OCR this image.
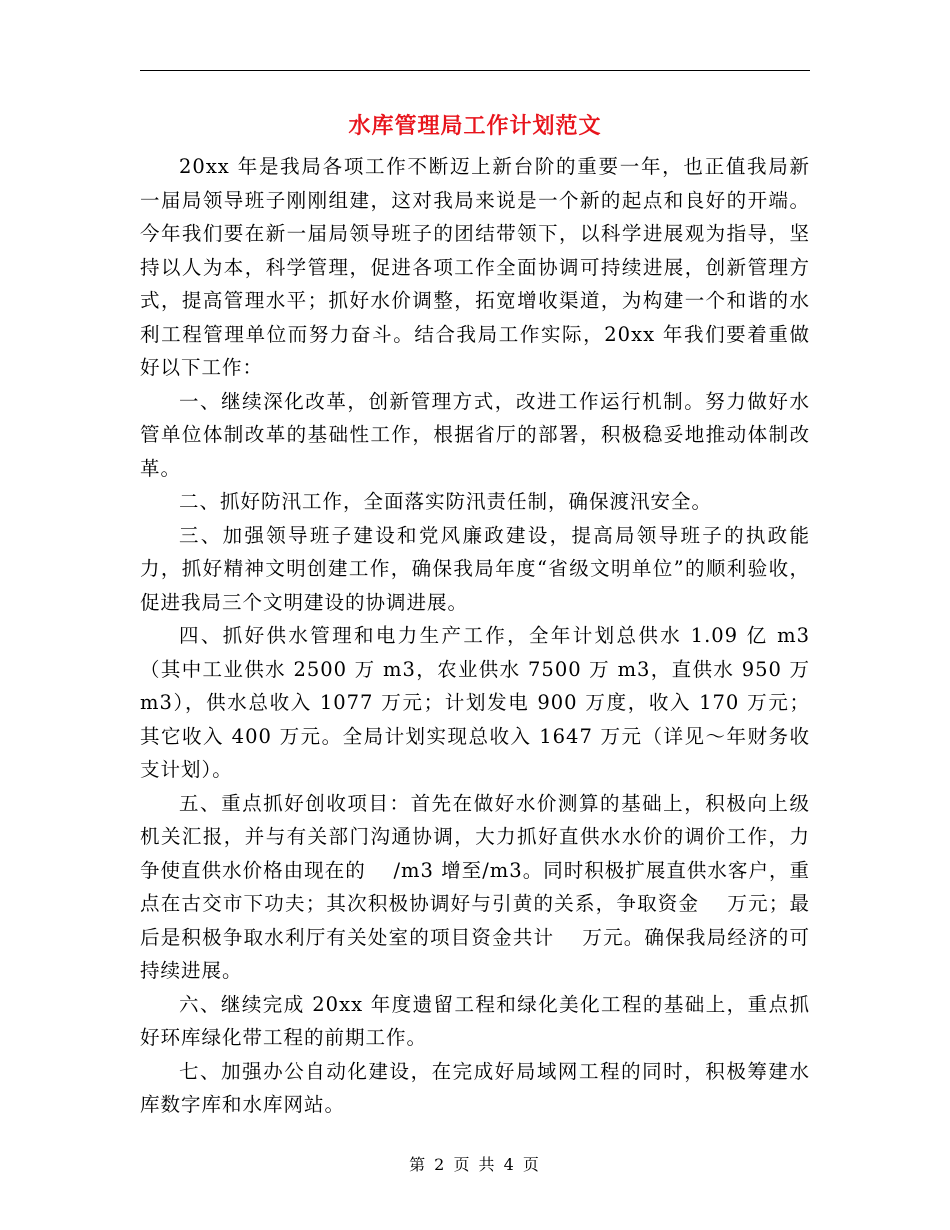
水库管理局工作计划范文

20xx 年是我局各项工作不断迈上新台阶的重要一年，也正值我局新一届局领导班子刚刚组建，这对我局来说是一个新的起点和良好的开端。今年我们要在新一届局领导班子的团结带领下，以科学进展观为指导，坚持以人为本，科学管理，促进各项工作全面协调可持续进展，创新管理方式，提高管理水平；抓好水价调整，拓宽增收渠道，为构建一个和谐的水利工程管理单位而努力奋斗。结合我局工作实际，20xx 年我们要着重做好以下工作：

一、继续深化改革，创新管理方式，改进工作运行机制。努力做好水管单位体制改革的基础性工作，根据省厅的部署，积极稳妥地推动体制改革。

二、抓好防汛工作，全面落实防汛责任制，确保渡汛安全。

三、加强领导班子建设和党风廉政建设，提高局领导班子的执政能力，抓好精神文明创建工作，确保我局年度“省级文明单位”的顺利验收，促进我局三个文明建设的协调进展。

四、抓好供水管理和电力生产工作，全年计划总供水 1.09 亿 m3（其中工业供水 2500 万 m3，农业供水 7500 万 m3，直供水 950 万 m3），供水总收入 1077 万元；计划发电 900 万度，收入 170 万元；其它收入 400 万元。全局计划实现总收入 1647 万元（详见～年财务收支计划）。

五、重点抓好创收项目：首先在做好水价测算的基础上，积极向上级机关汇报，并与有关部门沟通协调，大力抓好直供水水价的调价工作，力争使直供水价格由现在的　 /m3 增至/m3。同时积极扩展直供水客户，重点在古交市下功夫；其次积极协调好与引黄的关系，争取资金　 万元；最后是积极争取水利厅有关处室的项目资金共计　 万元。确保我局经济的可持续进展。

六、继续完成 20xx 年度遗留工程和绿化美化工程的基础上，重点抓好环库绿化带工程的前期工作。

七、加强办公自动化建设，在完成好局域网工程的同时，积极筹建水库数字库和水库网站。

第 2 页 共 4 页
